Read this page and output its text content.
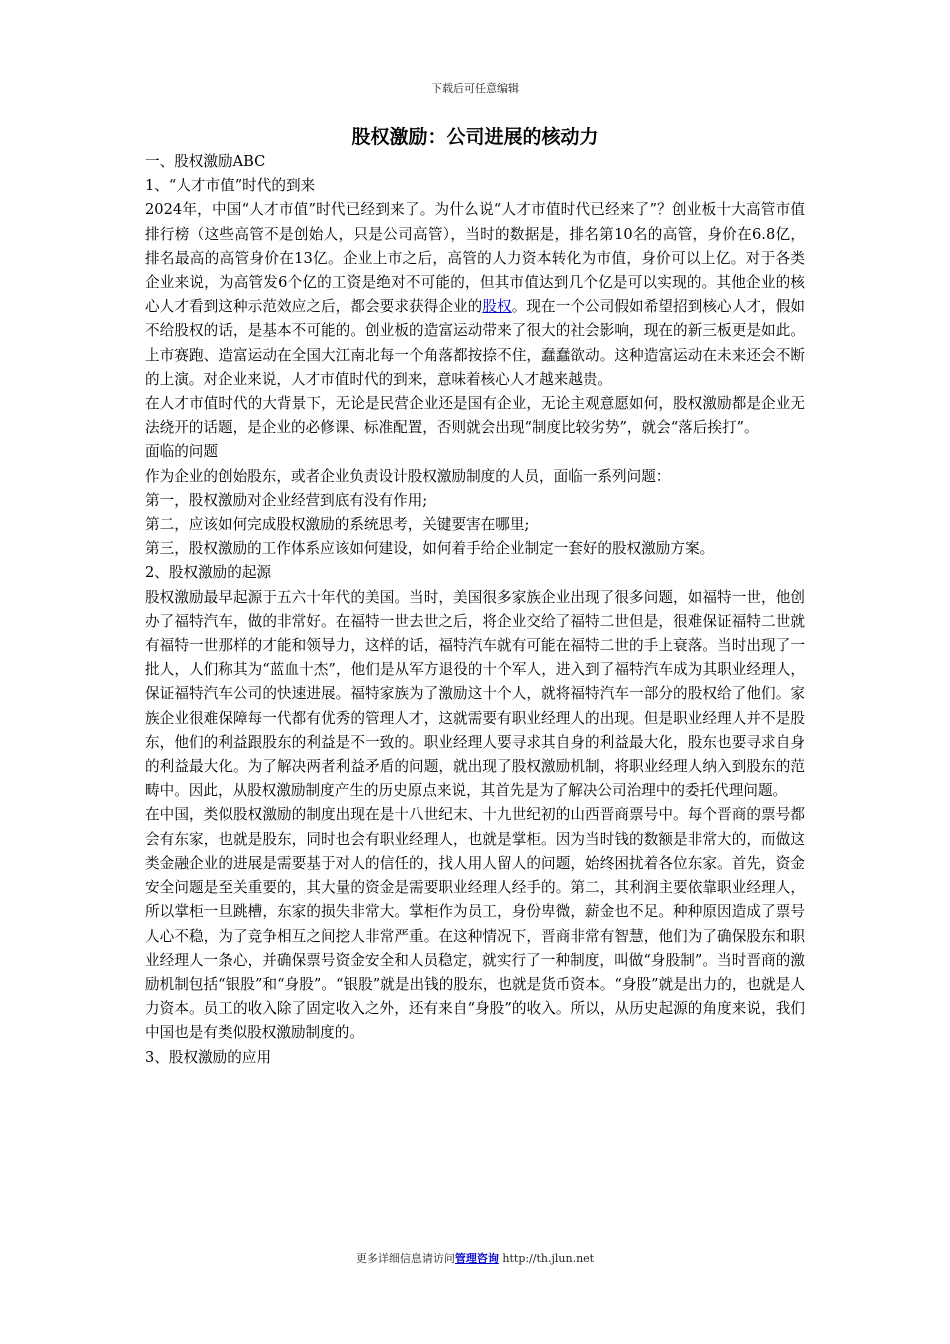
下载后可任意编辑
股权激励：公司进展的核动力

一、股权激励ABC

1、“人才市值”时代的到来

2024年，中国“人才市值”时代已经到来了。为什么说“人才市值时代已经来了”？创业板十大高管市值排行榜（这些高管不是创始人，只是公司高管），当时的数据是，排名第10名的高管，身价在6.8亿，排名最高的高管身价在13亿。企业上市之后，高管的人力资本转化为市值，身价可以上亿。对于各类企业来说，为高管发6个亿的工资是绝对不可能的，但其市值达到几个亿是可以实现的。其他企业的核心人才看到这种示范效应之后，都会要求获得企业的股权。现在一个公司假如希望招到核心人才，假如不给股权的话，是基本不可能的。创业板的造富运动带来了很大的社会影响，现在的新三板更是如此。上市赛跑、造富运动在全国大江南北每一个角落都按捺不住，蠢蠢欲动。这种造富运动在未来还会不断的上演。对企业来说，人才市值时代的到来，意味着核心人才越来越贵。

在人才市值时代的大背景下，无论是民营企业还是国有企业，无论主观意愿如何，股权激励都是企业无法绕开的话题，是企业的必修课、标准配置，否则就会出现“制度比较劣势”，就会“落后挨打”。

面临的问题

作为企业的创始股东，或者企业负责设计股权激励制度的人员，面临一系列问题：

第一，股权激励对企业经营到底有没有作用;

第二，应该如何完成股权激励的系统思考，关键要害在哪里;

第三，股权激励的工作体系应该如何建设，如何着手给企业制定一套好的股权激励方案。

2、股权激励的起源

股权激励最早起源于五六十年代的美国。当时，美国很多家族企业出现了很多问题，如福特一世，他创办了福特汽车，做的非常好。在福特一世去世之后，将企业交给了福特二世但是，很难保证福特二世就有福特一世那样的才能和领导力，这样的话，福特汽车就有可能在福特二世的手上衰落。当时出现了一批人，人们称其为“蓝血十杰”，他们是从军方退役的十个军人，进入到了福特汽车成为其职业经理人，保证福特汽车公司的快速进展。福特家族为了激励这十个人，就将福特汽车一部分的股权给了他们。家族企业很难保障每一代都有优秀的管理人才，这就需要有职业经理人的出现。但是职业经理人并不是股东，他们的利益跟股东的利益是不一致的。职业经理人要寻求其自身的利益最大化，股东也要寻求自身的利益最大化。为了解决两者利益矛盾的问题，就出现了股权激励机制，将职业经理人纳入到股东的范畴中。因此，从股权激励制度产生的历史原点来说，其首先是为了解决公司治理中的委托代理问题。

在中国，类似股权激励的制度出现在是十八世纪末、十九世纪初的山西晋商票号中。每个晋商的票号都会有东家，也就是股东，同时也会有职业经理人，也就是掌柜。因为当时钱的数额是非常大的，而做这类金融企业的进展是需要基于对人的信任的，找人用人留人的问题，始终困扰着各位东家。首先，资金安全问题是至关重要的，其大量的资金是需要职业经理人经手的。第二，其利润主要依靠职业经理人，所以掌柜一旦跳槽，东家的损失非常大。掌柜作为员工，身份卑微，薪金也不足。种种原因造成了票号人心不稳，为了竞争相互之间挖人非常严重。在这种情况下，晋商非常有智慧，他们为了确保股东和职业经理人一条心，并确保票号资金安全和人员稳定，就实行了一种制度，叫做“身股制”。当时晋商的激励机制包括“银股”和“身股”。“银股”就是出钱的股东，也就是货币资本。“身股”就是出力的，也就是人力资本。员工的收入除了固定收入之外，还有来自“身股”的收入。所以，从历史起源的角度来说，我们中国也是有类似股权激励制度的。

3、股权激励的应用

更多详细信息请访问管理咨询 http://th.jlun.net
